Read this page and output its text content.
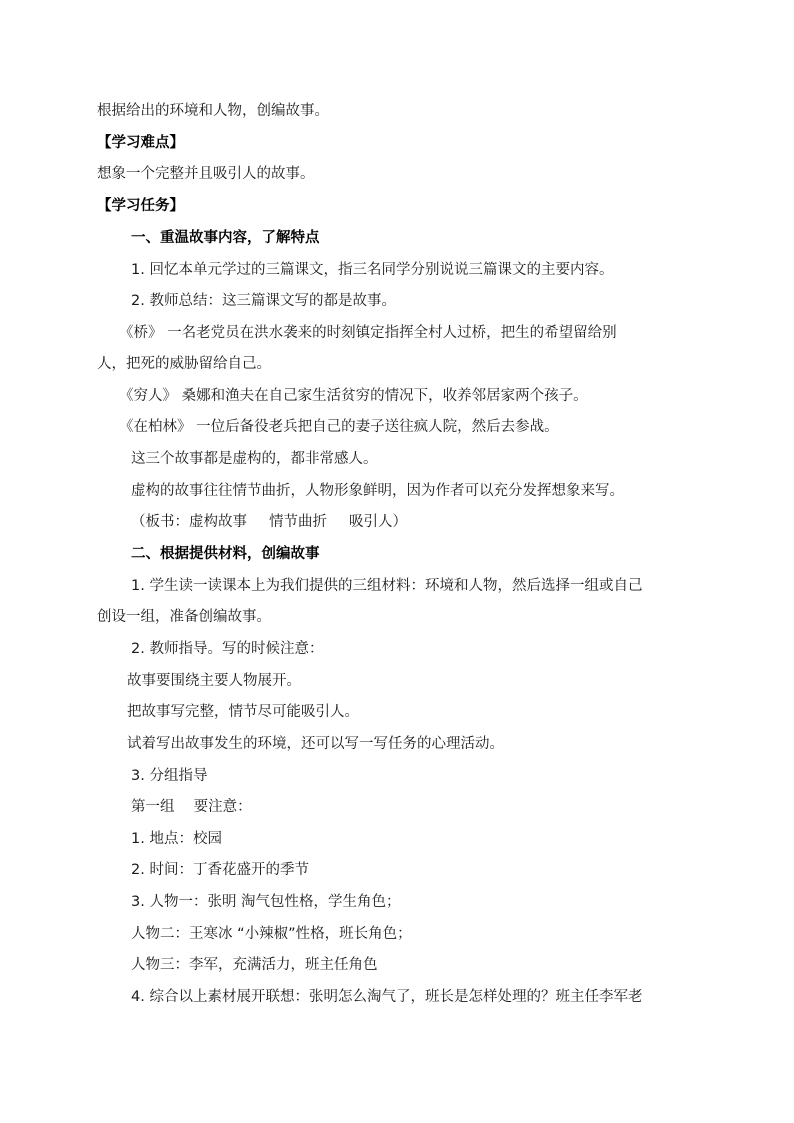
根据给出的环境和人物，创编故事。
【学习难点】
想象一个完整并且吸引人的故事。
【学习任务】
一、重温故事内容，了解特点
1. 回忆本单元学过的三篇课文，指三名同学分别说说三篇课文的主要内容。
2. 教师总结：这三篇课文写的都是故事。
《桥》 一名老党员在洪水袭来的时刻镇定指挥全村人过桥，把生的希望留给别
人，把死的威胁留给自己。
《穷人》 桑娜和渔夫在自己家生活贫穷的情况下，收养邻居家两个孩子。
《在柏林》 一位后备役老兵把自己的妻子送往疯人院，然后去参战。
这三个故事都是虚构的，都非常感人。
虚构的故事往往情节曲折，人物形象鲜明，因为作者可以充分发挥想象来写。
（板书：虚构故事 情节曲折 吸引人）
二、根据提供材料，创编故事
1. 学生读一读课本上为我们提供的三组材料：环境和人物，然后选择一组或自己
创设一组，准备创编故事。
2. 教师指导。写的时候注意：
故事要围绕主要人物展开。
把故事写完整，情节尽可能吸引人。
试着写出故事发生的环境，还可以写一写任务的心理活动。
3. 分组指导
第一组　 要注意：
1. 地点：校园
2. 时间：丁香花盛开的季节
3. 人物一：张明 淘气包性格，学生角色；
人物二：王寒冰 “小辣椒”性格，班长角色；
人物三：李军，充满活力，班主任角色
4. 综合以上素材展开联想：张明怎么淘气了，班长是怎样处理的？班主任李军老
